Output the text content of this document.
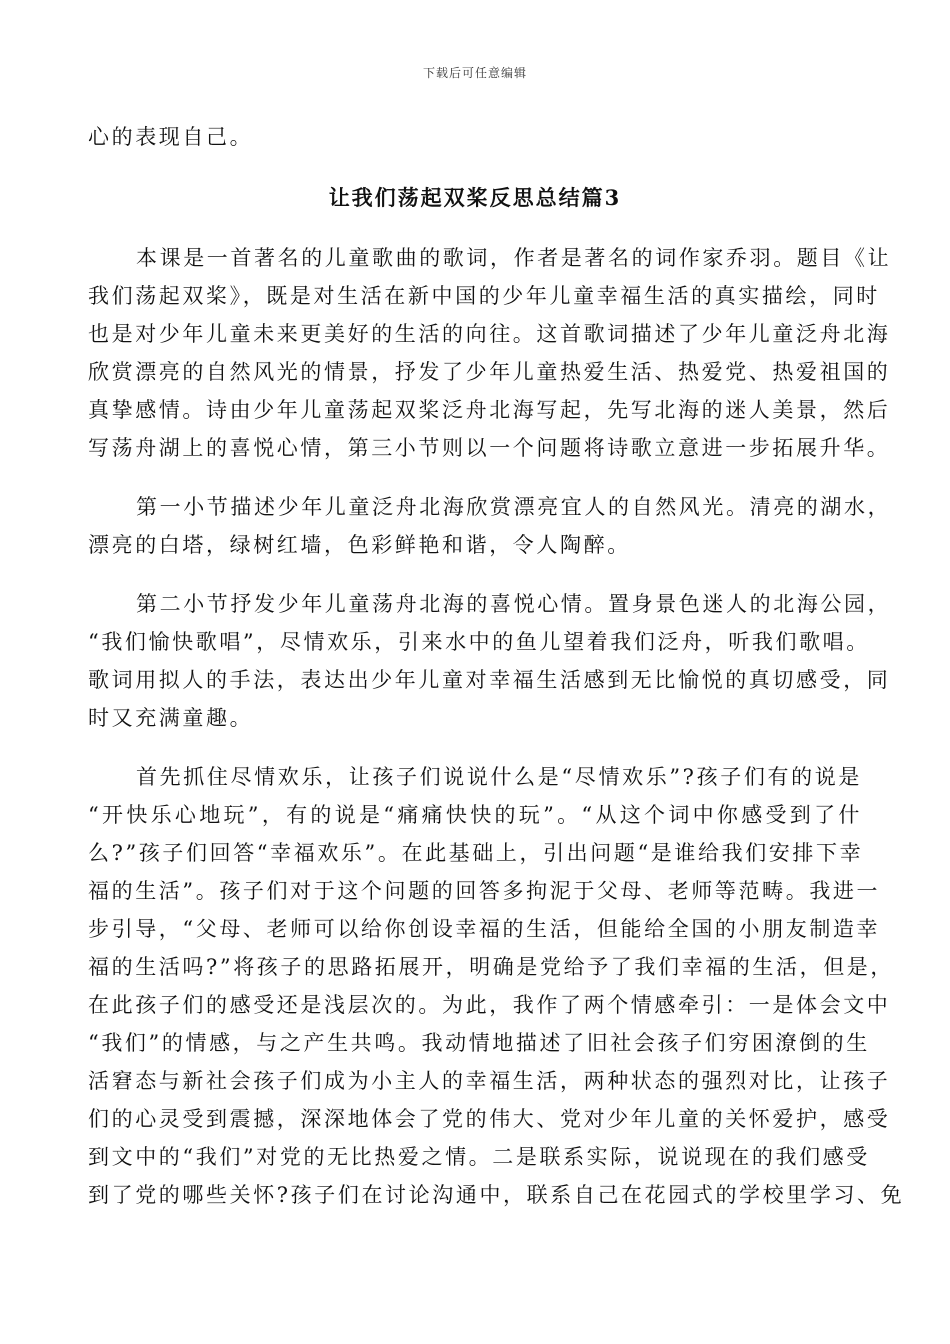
下载后可任意编辑
心的表现自己。
让我们荡起双桨反思总结篇3
本课是一首著名的儿童歌曲的歌词，作者是著名的词作家乔羽。题目《让
我们荡起双桨》，既是对生活在新中国的少年儿童幸福生活的真实描绘，同时
也是对少年儿童未来更美好的生活的向往。这首歌词描述了少年儿童泛舟北海
欣赏漂亮的自然风光的情景，抒发了少年儿童热爱生活、热爱党、热爱祖国的
真挚感情。诗由少年儿童荡起双桨泛舟北海写起，先写北海的迷人美景，然后
写荡舟湖上的喜悦心情，第三小节则以一个问题将诗歌立意进一步拓展升华。
第一小节描述少年儿童泛舟北海欣赏漂亮宜人的自然风光。清亮的湖水，
漂亮的白塔，绿树红墙，色彩鲜艳和谐，令人陶醉。
第二小节抒发少年儿童荡舟北海的喜悦心情。置身景色迷人的北海公园，
“我们愉快歌唱”，尽情欢乐，引来水中的鱼儿望着我们泛舟，听我们歌唱。
歌词用拟人的手法，表达出少年儿童对幸福生活感到无比愉悦的真切感受，同
时又充满童趣。
首先抓住尽情欢乐，让孩子们说说什么是“尽情欢乐”?孩子们有的说是
“开快乐心地玩”，有的说是“痛痛快快的玩”。“从这个词中你感受到了什
么?”孩子们回答“幸福欢乐”。在此基础上，引出问题“是谁给我们安排下幸
福的生活”。孩子们对于这个问题的回答多拘泥于父母、老师等范畴。我进一
步引导，“父母、老师可以给你创设幸福的生活，但能给全国的小朋友制造幸
福的生活吗?”将孩子的思路拓展开，明确是党给予了我们幸福的生活，但是，
在此孩子们的感受还是浅层次的。为此，我作了两个情感牵引：一是体会文中
“我们”的情感，与之产生共鸣。我动情地描述了旧社会孩子们穷困潦倒的生
活窘态与新社会孩子们成为小主人的幸福生活，两种状态的强烈对比，让孩子
们的心灵受到震撼，深深地体会了党的伟大、党对少年儿童的关怀爱护，感受
到文中的“我们”对党的无比热爱之情。二是联系实际，说说现在的我们感受
到了党的哪些关怀?孩子们在讨论沟通中，联系自己在花园式的学校里学习、免
